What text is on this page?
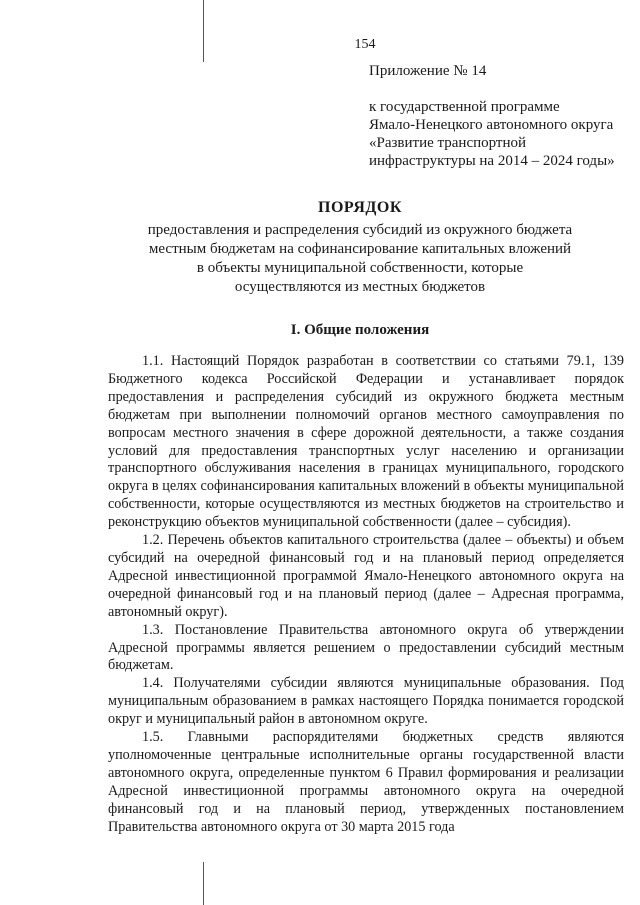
154
Приложение № 14
к государственной программе
Ямало-Ненецкого автономного округа
«Развитие транспортной
инфраструктуры на 2014 – 2024 годы»
ПОРЯДОК
предоставления и распределения субсидий из окружного бюджета
местным бюджетам на софинансирование капитальных вложений
в объекты муниципальной собственности, которые
осуществляются из местных бюджетов
I. Общие положения

1.1. Настоящий Порядок разработан в соответствии со статьями 79.1, 139 Бюджетного кодекса Российской Федерации и устанавливает порядок предоставления и распределения субсидий из окружного бюджета местным бюджетам при выполнении полномочий органов местного самоуправления по вопросам местного значения в сфере дорожной деятельности, а также создания условий для предоставления транспортных услуг населению и организации транспортного обслуживания населения в границах муниципального, городского округа в целях софинансирования капитальных вложений в объекты муниципальной собственности, которые осуществляются из местных бюджетов на строительство и реконструкцию объектов муниципальной собственности (далее – субсидия).

1.2. Перечень объектов капитального строительства (далее – объекты) и объем субсидий на очередной финансовый год и на плановый период определяется Адресной инвестиционной программой Ямало-Ненецкого автономного округа на очередной финансовый год и на плановый период (далее – Адресная программа, автономный округ).

1.3. Постановление Правительства автономного округа об утверждении Адресной программы является решением о предоставлении субсидий местным бюджетам.

1.4. Получателями субсидии являются муниципальные образования. Под муниципальным образованием в рамках настоящего Порядка понимается городской округ и муниципальный район в автономном округе.

1.5. Главными распорядителями бюджетных средств являются уполномоченные центральные исполнительные органы государственной власти автономного округа, определенные пунктом 6 Правил формирования и реализации Адресной инвестиционной программы автономного округа на очередной финансовый год и на плановый период, утвержденных постановлением Правительства автономного округа от 30 марта 2015 года
